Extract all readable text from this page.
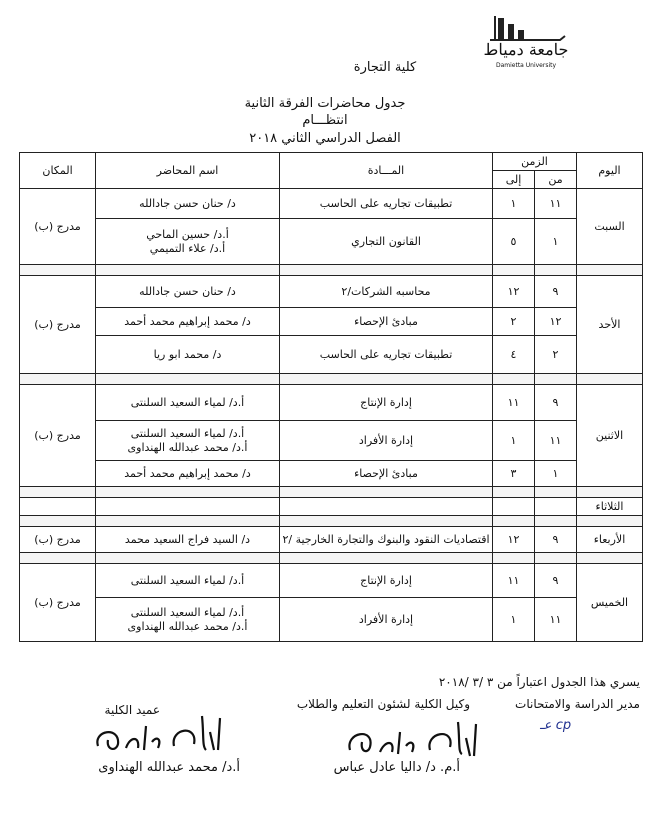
جامعة دمياط
Damietta University
كلية التجارة
جدول محاضرات الفرقة الثانية
انتظـــام
الفصل الدراسي الثاني ٢٠١٨
اليوم	الزمن		المـــادة	اسم المحاضر	المكان
	من	إلى			
السبت	١١	١	تطبيقات تجاريه على الحاسب	د/ حنان حسن جادالله	مدرج (ب)
	١	٥	القانون التجاري	أ.د/ حسين الماحي
أ.د/ علاء التميمي	

الأحد	٩	١٢	محاسبه الشركات/٢	د/ حنان حسن جادالله	مدرج (ب)
	١٢	٢	مبادئ الإحصاء	د/ محمد إبراهيم محمد أحمد	
	٢	٤	تطبيقات تجاريه على الحاسب	د/ محمد ابو ريا	

الاثنين	٩	١١	إدارة الإنتاج	أ.د/ لمياء السعيد السلنتى	مدرج (ب)
	١١	١	إدارة الأفراد	أ.د/ لمياء السعيد السلنتى
أ.د/ محمد عبدالله الهنداوى	

	١	٣	مبادئ الإحصاء	د/ محمد إبراهيم محمد أحمد	

الثلاثاء					

الأربعاء	٩	١٢	اقتصاديات النقود والبنوك والتجارة الخارجية /٢	د/ السيد فراج السعيد محمد	مدرج (ب)

الخميس	٩	١١	إدارة الإنتاج	أ.د/ لمياء السعيد السلنتى	مدرج (ب)
	١١	١	إدارة الأفراد	أ.د/ لمياء السعيد السلنتى
أ.د/ محمد عبدالله الهنداوى	
يسري هذا الجدول اعتباراً من ٣ /٣ /٢٠١٨
مدير الدراسة والامتحانات
وكيل الكلية لشئون التعليم والطلاب
عميد الكلية
عـ cp
أ.م. د/ داليا عادل عباس
أ.د/ محمد عبدالله الهنداوى
